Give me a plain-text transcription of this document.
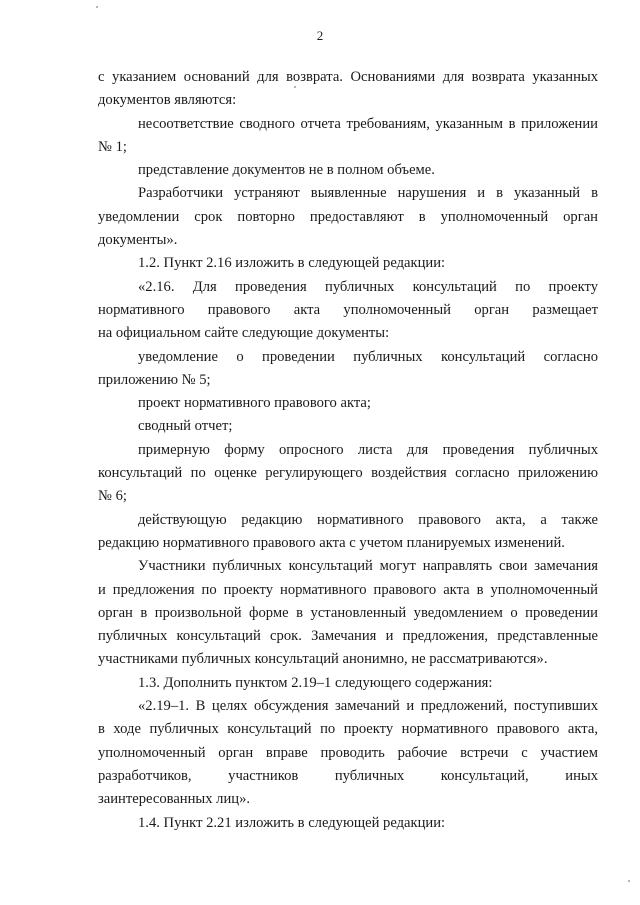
2
с указанием оснований для возврата. Основаниями для возврата указанных
документов являются:
несоответствие сводного отчета требованиям, указанным в приложении
№ 1;
представление документов не в полном объеме.
Разработчики устраняют выявленные нарушения и в указанный в
уведомлении срок повторно предоставляют в уполномоченный орган
документы».
1.2. Пункт 2.16 изложить в следующей редакции:
«2.16. Для проведения публичных консультаций по проекту
нормативного правового акта уполномоченный орган размещает
на официальном сайте следующие документы:
уведомление о проведении публичных консультаций согласно
приложению № 5;
проект нормативного правового акта;
сводный отчет;
примерную форму опросного листа для проведения публичных
консультаций по оценке регулирующего воздействия согласно приложению
№ 6;
действующую редакцию нормативного правового акта, а также
редакцию нормативного правового акта с учетом планируемых изменений.
Участники публичных консультаций могут направлять свои замечания
и предложения по проекту нормативного правового акта в уполномоченный
орган в произвольной форме в установленный уведомлением о проведении
публичных консультаций срок. Замечания и предложения, представленные
участниками публичных консультаций анонимно, не рассматриваются».
1.3. Дополнить пунктом 2.19–1 следующего содержания:
«2.19–1. В целях обсуждения замечаний и предложений, поступивших
в ходе публичных консультаций по проекту нормативного правового акта,
уполномоченный орган вправе проводить рабочие встречи с участием
разработчиков, участников публичных консультаций, иных
заинтересованных лиц».
1.4. Пункт 2.21 изложить в следующей редакции:
